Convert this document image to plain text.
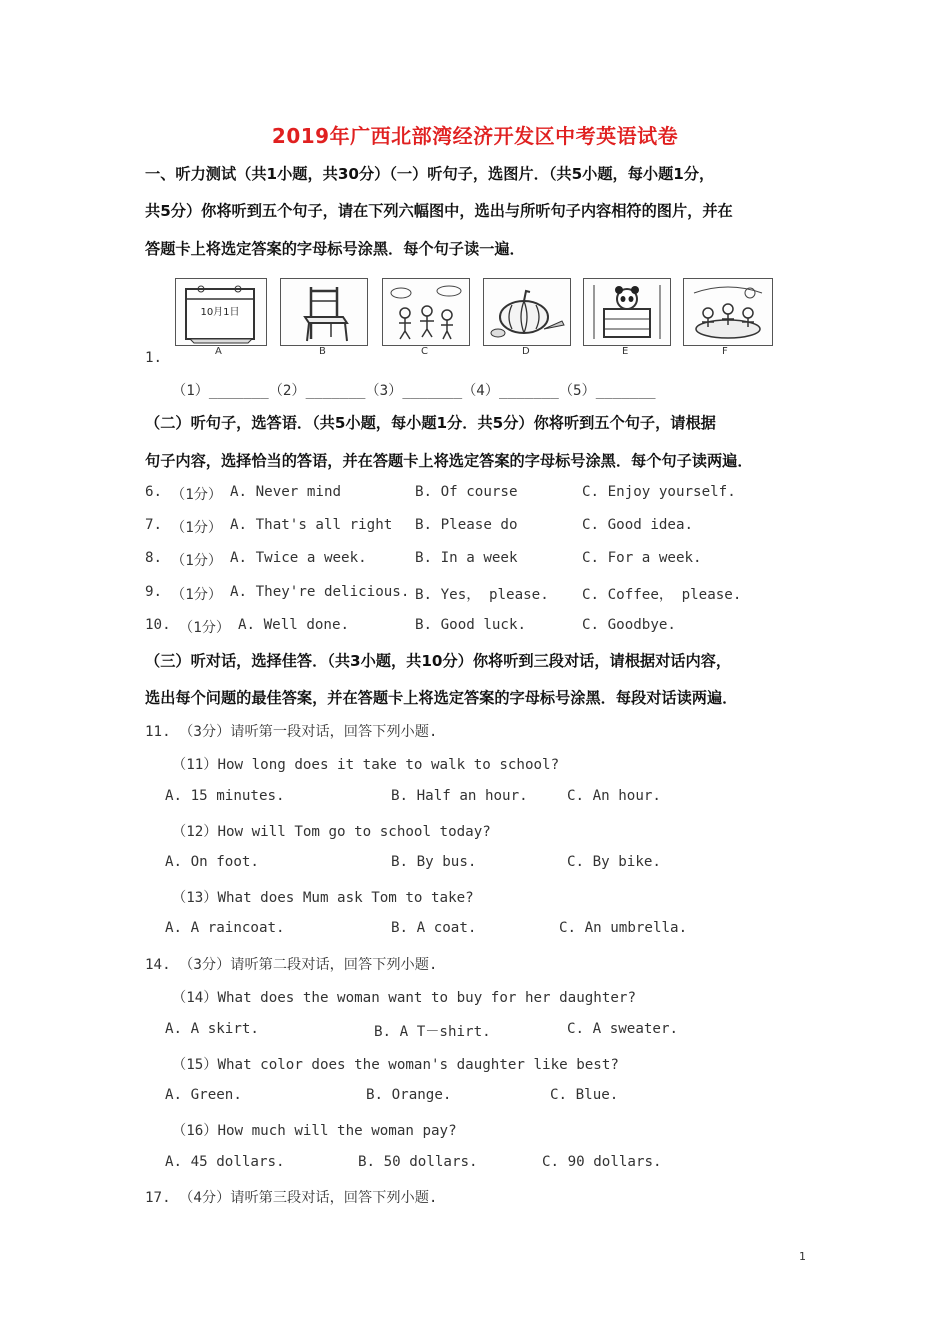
2019年广西北部湾经济开发区中考英语试卷
一、听力测试（共1小题，共30分）（一）听句子，选图片．（共5小题，每小题1分，
共5分）你将听到五个句子，请在下列六幅图中，选出与所听句子内容相符的图片，并在
答题卡上将选定答案的字母标号涂黑．每个句子读一遍．
10月1日
A	B	C	D	E	F
1.
（1）_______（2）_______（3）_______（4）_______（5）_______
（二）听句子，选答语．（共5小题，每小题1分．共5分）你将听到五个句子，请根据
句子内容，选择恰当的答语，并在答题卡上将选定答案的字母标号涂黑．每个句子读两遍．
6. （1分） A. Never mind	B. Of course	C. Enjoy yourself.
7. （1分） A. That's all right B. Please do	C. Good idea.
8. （1分） A. Twice a week.	B. In a week	C. For a week.
9. （1分） A. They're delicious. B. Yes， please. C. Coffee， please.
10. （1分） A. Well done.	B. Good luck.	C. Goodbye.
（三）听对话，选择佳答．（共3小题，共10分）你将听到三段对话，请根据对话内容，
选出每个问题的最佳答案，并在答题卡上将选定答案的字母标号涂黑．每段对话读两遍．
11. （3分）请听第一段对话，回答下列小题.
（11）How long does it take to walk to school?
A. 15 minutes.	B. Half an hour.	C. An hour.
（12）How will Tom go to school today?
A. On foot.	B. By bus.	C. By bike.
（13）What does Mum ask Tom to take?
A. A raincoat.	B. A coat.	C. An umbrella.
14. （3分）请听第二段对话，回答下列小题.
（14）What does the woman want to buy for her daughter?
A. A skirt.	B. A T－shirt.	C. A sweater.
（15）What color does the woman's daughter like best?
A. Green.	B. Orange.	C. Blue.
（16）How much will the woman pay?
A. 45 dollars.	B. 50 dollars.	C. 90 dollars.
17. （4分）请听第三段对话，回答下列小题.
1
